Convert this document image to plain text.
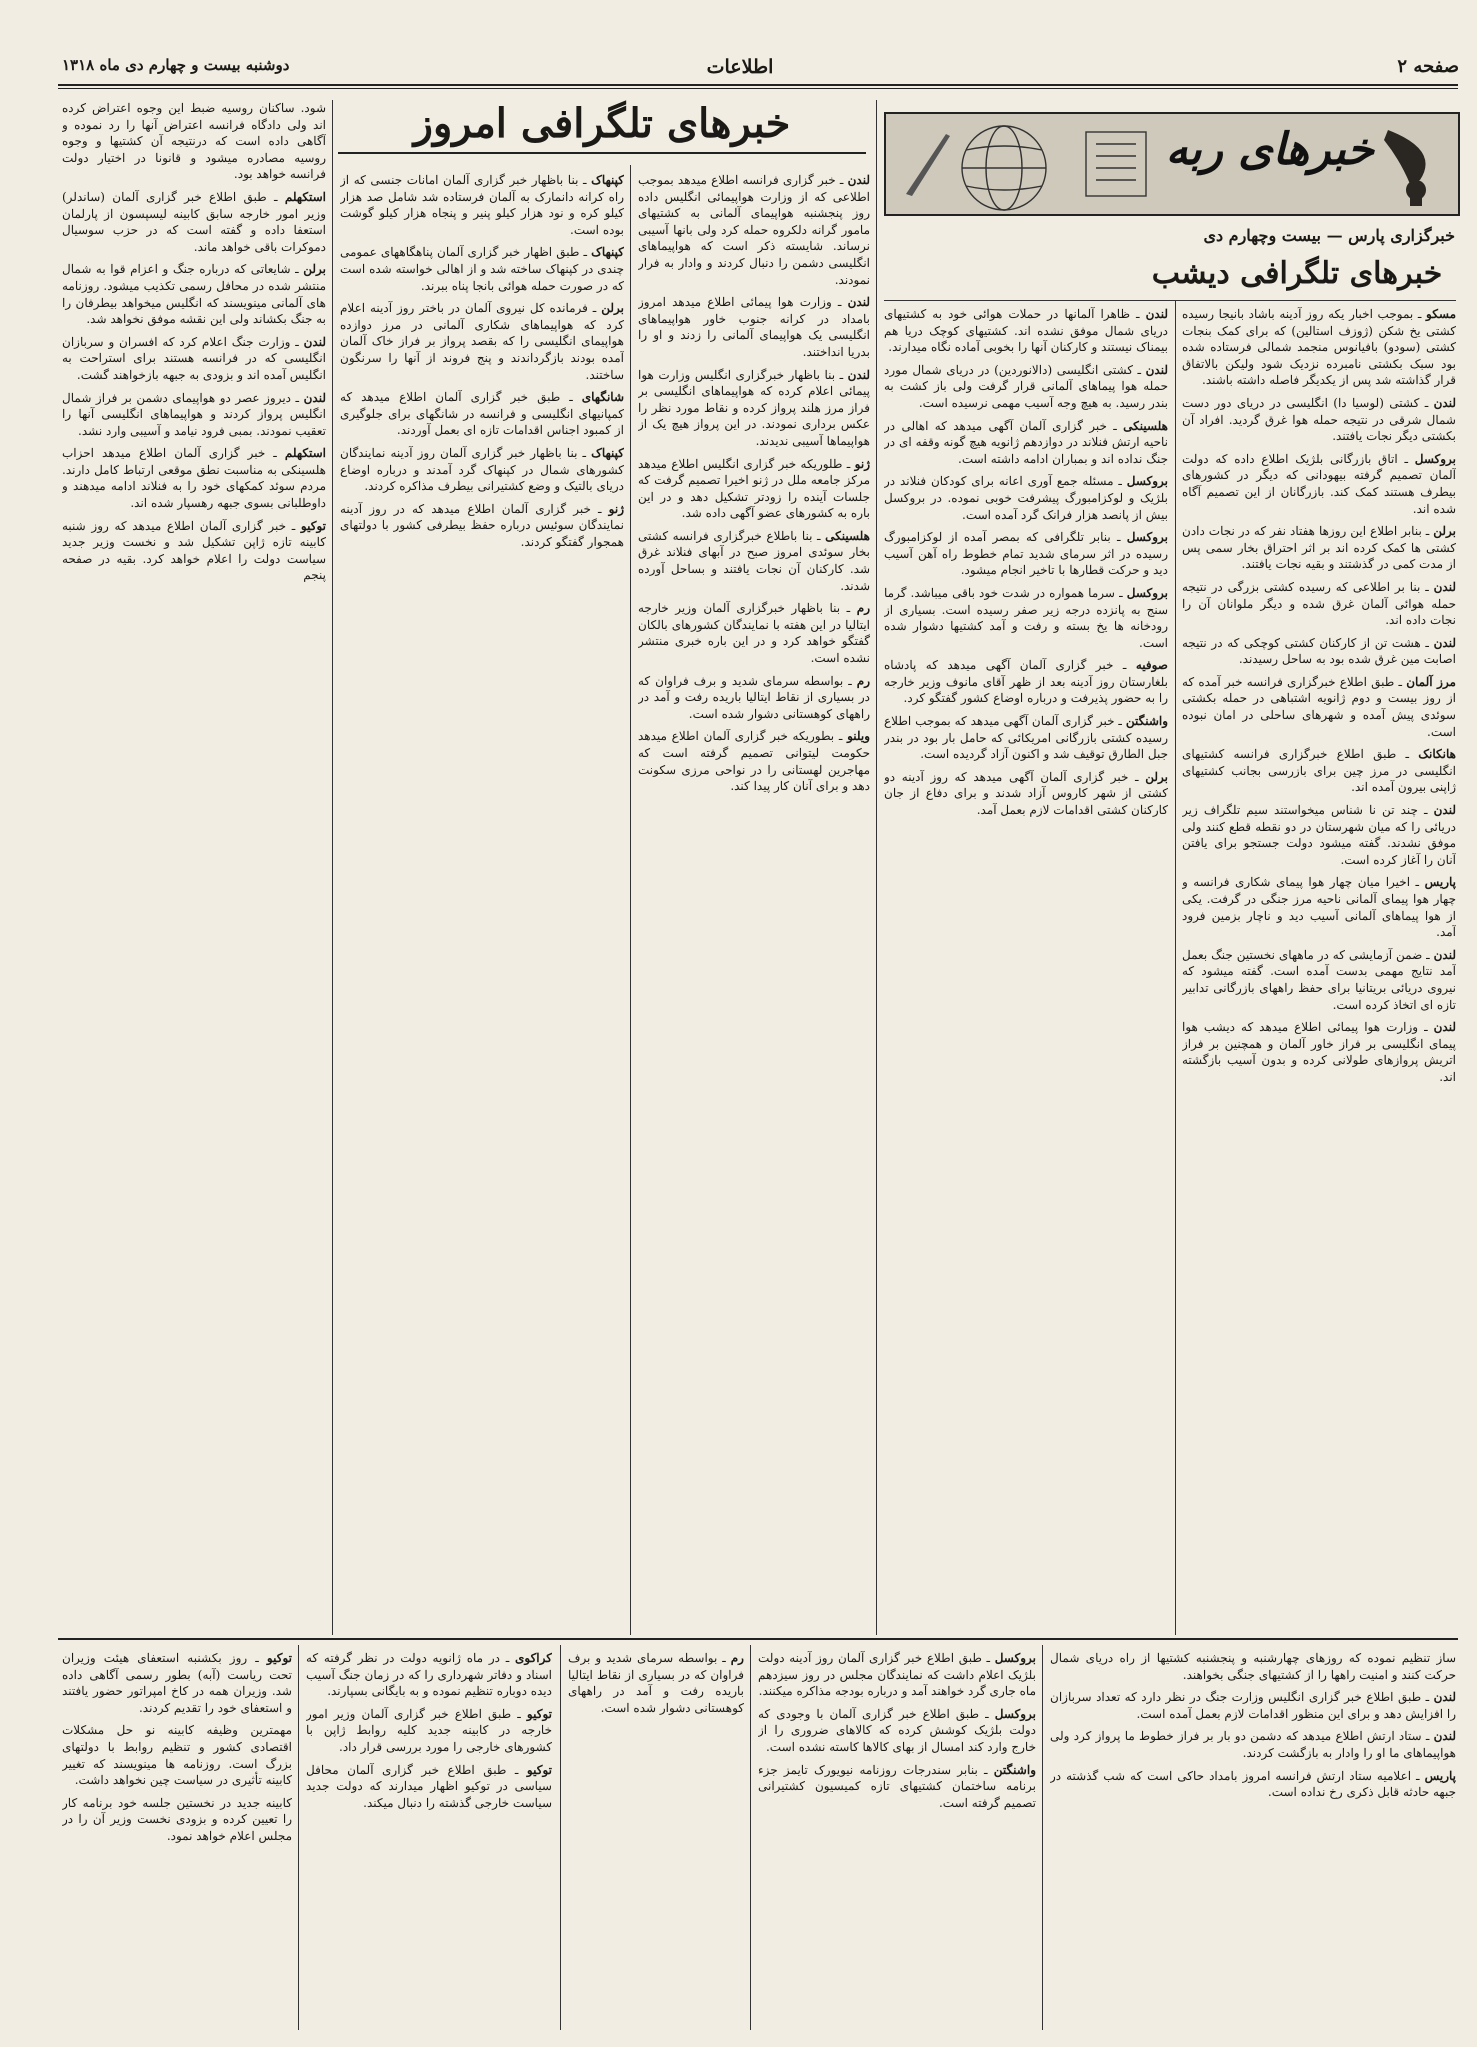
صفحه ۲
اطلاعات
دوشنبه بیست و چهارم دی ماه ۱۳۱۸
خبرهای ربه
خبرگزاری پارس — بیست وچهارم دی
خبرهای تلگرافی دیشب
خبرهای تلگرافی امروز

مسکو ـ بموجب اخبار یکه روز آدینه باشاد بانیجا رسیده کشتی یخ شکن (ژوزف استالین) که برای کمک بنجات کشتی (سودو) بافیانوس منجمد شمالی فرستاده شده بود سبک بکشتی نامبرده نزدیک شود ولیکن بالاتفاق قرار گذاشته شد پس از یکدیگر فاصله داشته باشند.

لندن ـ کشتی (لوسیا دا) انگلیسی در دریای دور دست شمال شرقی در نتیجه حمله هوا غرق گردید. افراد آن بکشتی دیگر نجات یافتند.

بروکسل ـ اتاق بازرگانی بلژیک اطلاع داده که دولت آلمان تصمیم گرفته بیهودانی که دیگر در کشورهای بیطرف هستند کمک کند. بازرگانان از این تصمیم آگاه شده اند.

برلن ـ بنابر اطلاع این روزها هفتاد نفر که در نجات دادن کشتی ها کمک کرده اند بر اثر احتراق بخار سمی پس از مدت کمی در گذشتند و بقیه نجات یافتند.

لندن ـ بنا بر اطلاعی که رسیده کشتی بزرگی در نتیجه حمله هوائی آلمان غرق شده و دیگر ملوانان آن را نجات داده اند.

لندن ـ هشت تن از کارکنان کشتی کوچکی که در نتیجه اصابت مین غرق شده بود به ساحل رسیدند.

مرز آلمان ـ طبق اطلاع خبرگزاری فرانسه خبر آمده که از روز بیست و دوم ژانویه اشتباهی در حمله بکشتی سوئدی پیش آمده و شهرهای ساحلی در امان نبوده است.

هانکانک ـ طبق اطلاع خبرگزاری فرانسه کشتیهای انگلیسی در مرز چین برای بازرسی بجانب کشتیهای ژاپنی بیرون آمده اند.

لندن ـ چند تن نا شناس میخواستند سیم تلگراف زیر دریائی را که میان شهرستان در دو نقطه قطع کنند ولی موفق نشدند. گفته میشود دولت جستجو برای یافتن آنان را آغاز کرده است.

پاریس ـ اخیرا میان چهار هوا پیمای شکاری فرانسه و چهار هوا پیمای آلمانی ناحیه مرز جنگی در گرفت. یکی از هوا پیماهای آلمانی آسیب دید و ناچار بزمین فرود آمد.

لندن ـ ضمن آزمایشی که در ماههای نخستین جنگ بعمل آمد نتایج مهمی بدست آمده است. گفته میشود که نیروی دریائی بریتانیا برای حفظ راههای بازرگانی تدابیر تازه ای اتخاذ کرده است.

لندن ـ وزارت هوا پیمائی اطلاع میدهد که دیشب هوا پیمای انگلیسی بر فراز خاور آلمان و همچنین بر فراز اتریش پروازهای طولانی کرده و بدون آسیب بازگشته اند.

لندن ـ ظاهرا آلمانها در حملات هوائی خود به کشتیهای دریای شمال موفق نشده اند. کشتیهای کوچک دریا هم بیمناک نیستند و کارکنان آنها را بخوبی آماده نگاه میدارند.

لندن ـ کشتی انگلیسی (دالانوردین) در دریای شمال مورد حمله هوا پیماهای آلمانی قرار گرفت ولی باز کشت به بندر رسید. به هیچ وجه آسیب مهمی نرسیده است.

هلسینکی ـ خبر گزاری آلمان آگهی میدهد که اهالی در ناحیه ارتش فنلاند در دوازدهم ژانویه هیچ گونه وقفه ای در جنگ نداده اند و بمباران ادامه داشته است.

بروکسل ـ مسئله جمع آوری اعانه برای کودکان فنلاند در بلژیک و لوکزامبورگ پیشرفت خوبی نموده. در بروکسل بیش از پانصد هزار فرانک گرد آمده است.

بروکسل ـ بنابر تلگرافی که بمصر آمده از لوکزامبورگ رسیده در اثر سرمای شدید تمام خطوط راه آهن آسیب دید و حرکت قطارها با تاخیر انجام میشود.

بروکسل ـ سرما همواره در شدت خود باقی میباشد. گرما سنج به پانزده درجه زیر صفر رسیده است. بسیاری از رودخانه ها یخ بسته و رفت و آمد کشتیها دشوار شده است.

صوفیه ـ خبر گزاری آلمان آگهی میدهد که پادشاه بلغارستان روز آدینه بعد از ظهر آقای مانوف وزیر خارجه را به حضور پذیرفت و درباره اوضاع کشور گفتگو کرد.

واشنگتن ـ خبر گزاری آلمان آگهی میدهد که بموجب اطلاع رسیده کشتی بازرگانی امریکائی که حامل بار بود در بندر جبل الطارق توقیف شد و اکنون آزاد گردیده است.

برلن ـ خبر گزاری آلمان آگهی میدهد که روز آدینه دو کشتی از شهر کاروس آزاد شدند و برای دفاع از جان کارکنان کشتی اقدامات لازم بعمل آمد.

لندن ـ خبر گزاری فرانسه اطلاع میدهد بموجب اطلاعی که از وزارت هواپیمائی انگلیس داده روز پنجشنبه هواپیمای آلمانی به کشتیهای مامور گرانه دلکروه حمله کرد ولی بانها آسیبی نرساند. شایسته ذکر است که هواپیماهای انگلیسی دشمن را دنبال کردند و وادار به فرار نمودند.

لندن ـ وزارت هوا پیمائی اطلاع میدهد امروز بامداد در کرانه جنوب خاور هواپیماهای انگلیسی یک هواپیمای آلمانی را زدند و او را بدریا انداختند.

لندن ـ بنا باظهار خبرگزاری انگلیس وزارت هوا پیمائی اعلام کرده که هواپیماهای انگلیسی بر فراز مرز هلند پرواز کرده و نقاط مورد نظر را عکس برداری نمودند. در این پرواز هیچ یک از هواپیماها آسیبی ندیدند.

ژنو ـ طلوریکه خبر گزاری انگلیس اطلاع میدهد مرکز جامعه ملل در ژنو اخیرا تصمیم گرفت که جلسات آینده را زودتر تشکیل دهد و در این باره به کشورهای عضو آگهی داده شد.

هلسینکی ـ بنا باطلاع خبرگزاری فرانسه کشتی بخار سوئدی امروز صبح در آبهای فنلاند غرق شد. کارکنان آن نجات یافتند و بساحل آورده شدند.

رم ـ بنا باظهار خبرگزاری آلمان وزیر خارجه ایتالیا در این هفته با نمایندگان کشورهای بالکان گفتگو خواهد کرد و در این باره خبری منتشر نشده است.

رم ـ بواسطه سرمای شدید و برف فراوان که در بسیاری از نقاط ایتالیا باریده رفت و آمد در راههای کوهستانی دشوار شده است.

ویلنو ـ بطوریکه خبر گزاری آلمان اطلاع میدهد حکومت لیتوانی تصمیم گرفته است که مهاجرین لهستانی را در نواحی مرزی سکونت دهد و برای آنان کار پیدا کند.

کپنهاک ـ بنا باظهار خبر گزاری آلمان امانات جنسی که از راه کرانه دانمارک به آلمان فرستاده شد شامل صد هزار کیلو کره و نود هزار کیلو پنیر و پنجاه هزار کیلو گوشت بوده است.

کپنهاک ـ طبق اظهار خبر گزاری آلمان پناهگاههای عمومی چندی در کپنهاک ساخته شد و از اهالی خواسته شده است که در صورت حمله هوائی بانجا پناه ببرند.

برلن ـ فرمانده کل نیروی آلمان در باختر روز آدینه اعلام کرد که هواپیماهای شکاری آلمانی در مرز دوازده هواپیمای انگلیسی را که بقصد پرواز بر فراز خاک آلمان آمده بودند بازگرداندند و پنج فروند از آنها را سرنگون ساختند.

شانگهای ـ طبق خبر گزاری آلمان اطلاع میدهد که کمپانیهای انگلیسی و فرانسه در شانگهای برای جلوگیری از کمبود اجناس اقدامات تازه ای بعمل آوردند.

کپنهاک ـ بنا باظهار خبر گزاری آلمان روز آدینه نمایندگان کشورهای شمال در کپنهاک گرد آمدند و درباره اوضاع دریای بالتیک و وضع کشتیرانی بیطرف مذاکره کردند.

ژنو ـ خبر گزاری آلمان اطلاع میدهد که در روز آدینه نمایندگان سوئیس درباره حفظ بیطرفی کشور با دولتهای همجوار گفتگو کردند.

شود. ساکنان روسیه ضبط این وجوه اعتراض کرده اند ولی دادگاه فرانسه اعتراض آنها را رد نموده و آگاهی داده است که درنتیجه آن کشتیها و وجوه روسیه مصادره میشود و قانونا در اختیار دولت فرانسه خواهد بود.

استکهلم ـ طبق اطلاع خبر گزاری آلمان (ساندلر) وزیر امور خارجه سابق کابینه لیسپسون از پارلمان استعفا داده و گفته است که در حزب سوسیال دموکرات باقی خواهد ماند.

برلن ـ شایعاتی که درباره جنگ و اعزام قوا به شمال منتشر شده در محافل رسمی تکذیب میشود. روزنامه های آلمانی مینویسند که انگلیس میخواهد بیطرفان را به جنگ بکشاند ولی این نقشه موفق نخواهد شد.

لندن ـ وزارت جنگ اعلام کرد که افسران و سربازان انگلیسی که در فرانسه هستند برای استراحت به انگلیس آمده اند و بزودی به جبهه بازخواهند گشت.

لندن ـ دیروز عصر دو هواپیمای دشمن بر فراز شمال انگلیس پرواز کردند و هواپیماهای انگلیسی آنها را تعقیب نمودند. بمبی فرود نیامد و آسیبی وارد نشد.

استکهلم ـ خبر گزاری آلمان اطلاع میدهد احزاب هلسینکی به مناسبت نطق موقعی ارتباط کامل دارند. مردم سوئد کمکهای خود را به فنلاند ادامه میدهند و داوطلبانی بسوی جبهه رهسپار شده اند.

توکیو ـ خبر گزاری آلمان اطلاع میدهد که روز شنبه کابینه تازه ژاپن تشکیل شد و نخست وزیر جدید سیاست دولت را اعلام خواهد کرد. بقیه در صفحه پنجم

ساز تنظیم نموده که روزهای چهارشنبه و پنجشنبه کشتیها از راه دریای شمال حرکت کنند و امنیت راهها را از کشتیهای جنگی بخواهند.

لندن ـ طبق اطلاع خبر گزاری انگلیس وزارت جنگ در نظر دارد که تعداد سربازان را افزایش دهد و برای این منظور اقدامات لازم بعمل آمده است.

لندن ـ ستاد ارتش اطلاع میدهد که دشمن دو بار بر فراز خطوط ما پرواز کرد ولی هواپیماهای ما او را وادار به بازگشت کردند.

پاریس ـ اعلامیه ستاد ارتش فرانسه امروز بامداد حاکی است که شب گذشته در جبهه حادثه قابل ذکری رخ نداده است.

بروکسل ـ طبق اطلاع خبر گزاری آلمان روز آدینه دولت بلژیک اعلام داشت که نمایندگان مجلس در روز سیزدهم ماه جاری گرد خواهند آمد و درباره بودجه مذاکره میکنند.

بروکسل ـ طبق اطلاع خبر گزاری آلمان با وجودی که دولت بلژیک کوشش کرده که کالاهای ضروری را از خارج وارد کند امسال از بهای کالاها کاسته نشده است.

واشنگتن ـ بنابر سندرجات روزنامه نیویورک تایمز جزء برنامه ساختمان کشتیهای تازه کمیسیون کشتیرانی تصمیم گرفته است.

کراکوی ـ در ماه ژانویه دولت در نظر گرفته که اسناد و دفاتر شهرداری را که در زمان جنگ آسیب دیده دوباره تنظیم نموده و به بایگانی بسپارند.

توکیو ـ طبق اطلاع خبر گزاری آلمان وزیر امور خارجه در کابینه جدید کلیه روابط ژاپن با کشورهای خارجی را مورد بررسی قرار داد.

توکیو ـ طبق اطلاع خبر گزاری آلمان محافل سیاسی در توکیو اظهار میدارند که دولت جدید سیاست خارجی گذشته را دنبال میکند.

توکیو ـ روز بکشنبه استعفای هیئت وزیران تحت ریاست (آبه) بطور رسمی آگاهی داده شد. وزیران همه در کاخ امپراتور حضور یافتند و استعفای خود را تقدیم کردند.

مهمترین وظیفه کابینه نو حل مشکلات اقتصادی کشور و تنظیم روابط با دولتهای بزرگ است. روزنامه ها مینویسند که تغییر کابینه تأثیری در سیاست چین نخواهد داشت.

کابینه جدید در نخستین جلسه خود برنامه کار را تعیین کرده و بزودی نخست وزیر آن را در مجلس اعلام خواهد نمود.

رم ـ بواسطه سرمای شدید و برف فراوان که در بسیاری از نقاط ایتالیا باریده رفت و آمد در راههای کوهستانی دشوار شده است.
